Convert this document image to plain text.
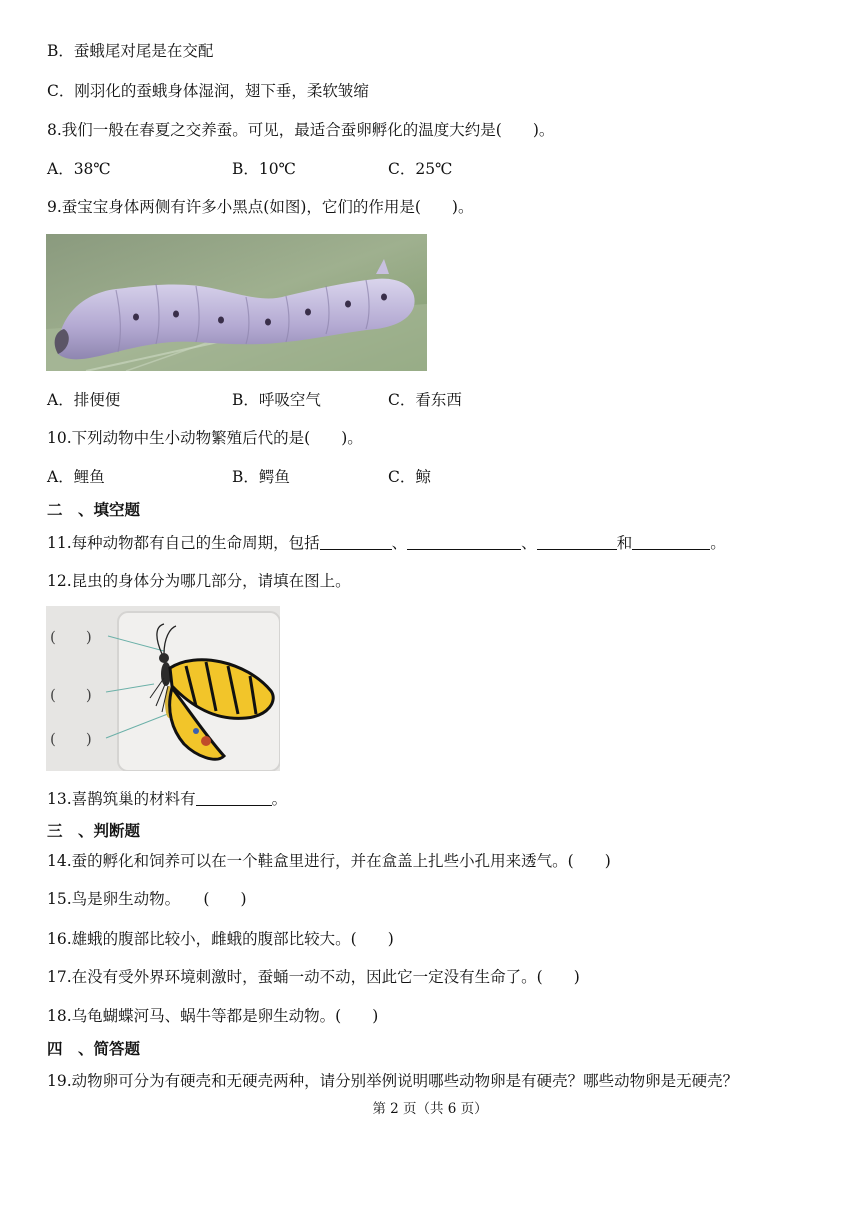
B．蚕蛾尾对尾是在交配
C．刚羽化的蚕蛾身体湿润，翅下垂，柔软皱缩
8.我们一般在春夏之交养蚕。可见，最适合蚕卵孵化的温度大约是(　　)。
A．38℃	B．10℃	C．25℃
9.蚕宝宝身体两侧有许多小黑点(如图)，它们的作用是(　　)。
A．排便便	B．呼吸空气	C．看东西
10.下列动物中生小动物繁殖后代的是(　　)。
A．鲤鱼	B．鳄鱼	C．鲸
二　、填空题
11.每种动物都有自己的生命周期，包括	、	、	和	。
12.昆虫的身体分为哪几部分，请填在图上。
(　　)
(　　)
(　　)
13.喜鹊筑巢的材料有	。
三　、判断题
14.蚕的孵化和饲养可以在一个鞋盒里进行，并在盒盖上扎些小孔用来透气。(　　)
15.鸟是卵生动物。　　(　　)
16.雄蛾的腹部比较小，雌蛾的腹部比较大。(　　)
17.在没有受外界环境刺激时，蚕蛹一动不动，因此它一定没有生命了。(　　)
18.乌龟蝴蝶河马、蜗牛等都是卵生动物。(　　)
四　、简答题
19.动物卵可分为有硬壳和无硬壳两种，请分别举例说明哪些动物卵是有硬壳？哪些动物卵是无硬壳？
第 2 页（共 6 页）
